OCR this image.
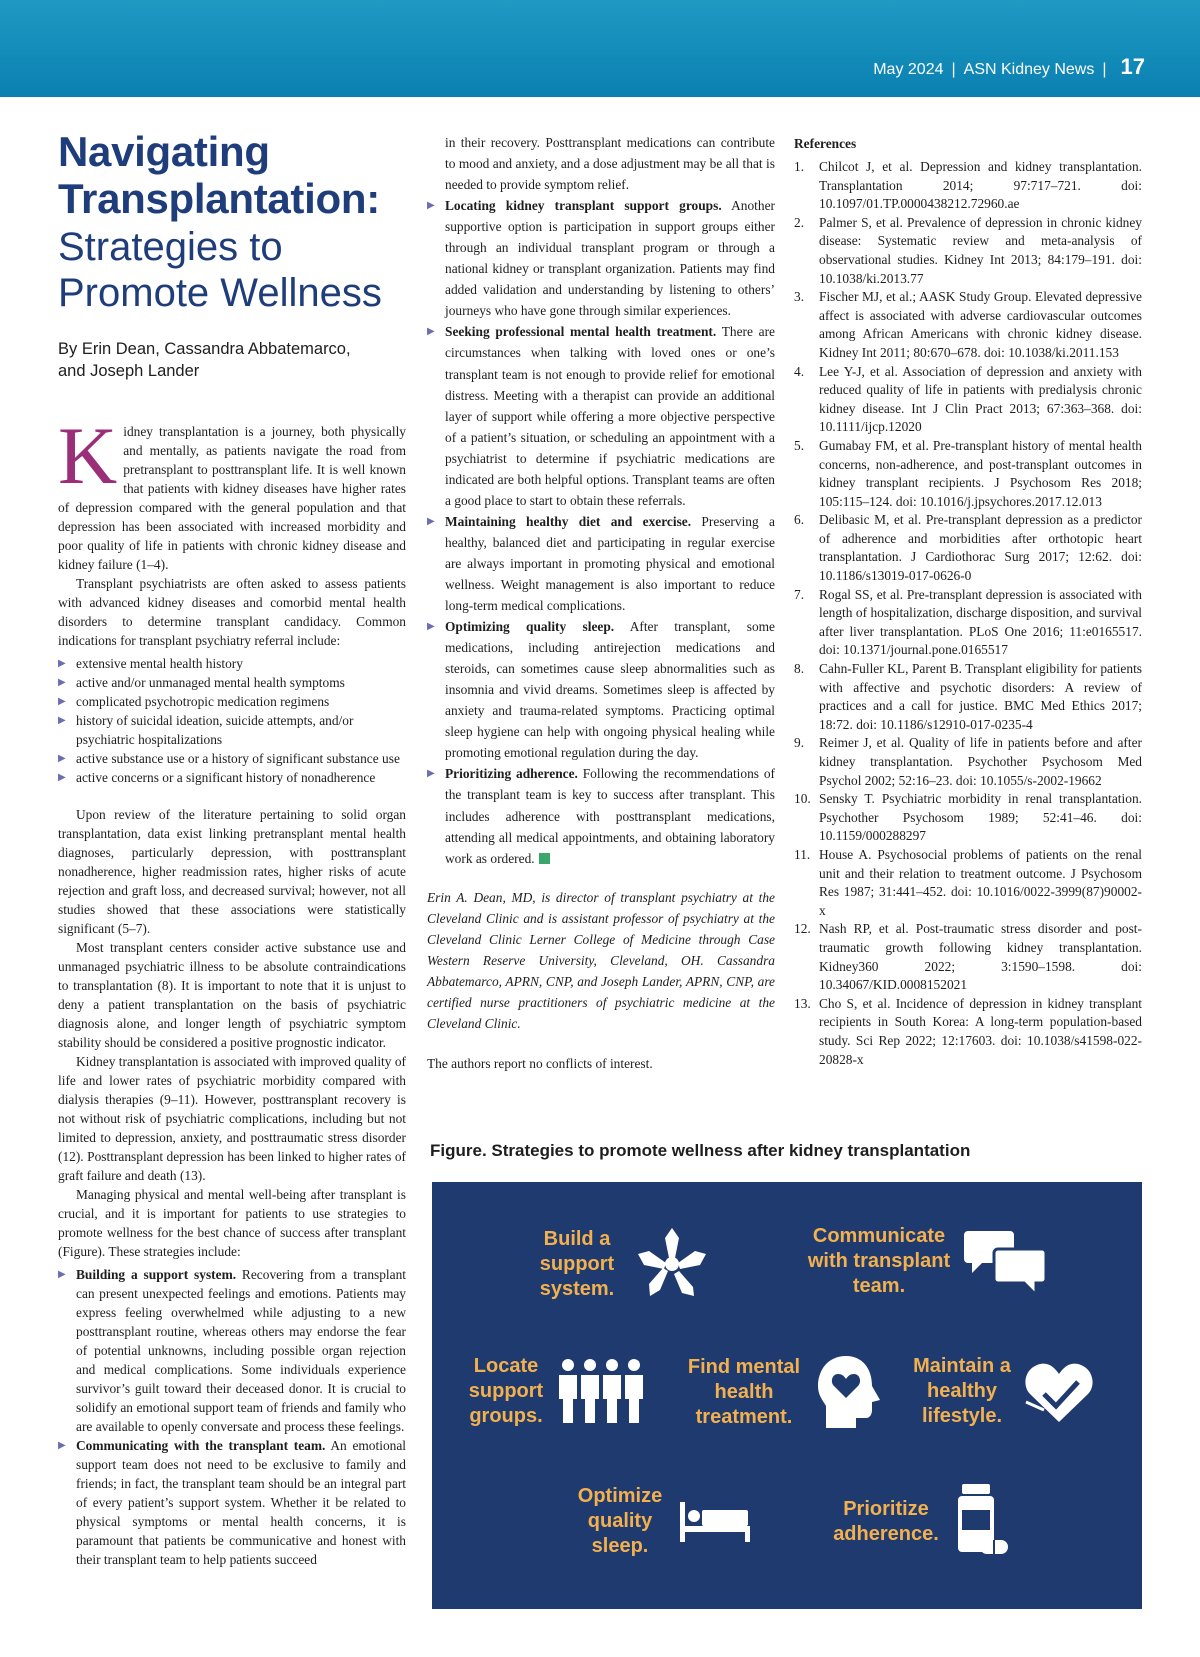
May 2024 | ASN Kidney News | 17
Navigating
Transplantation:
Strategies to
Promote Wellness
By Erin Dean, Cassandra Abbatemarco,
and Joseph Lander
Kidney transplantation is a journey, both physically and mentally, as patients navigate the road from pretransplant to posttransplant life. It is well known that patients with kidney diseases have higher rates of depression compared with the general population and that depression has been associated with increased morbidity and poor quality of life in patients with chronic kidney disease and kidney failure (1–4).
Transplant psychiatrists are often asked to assess patients with advanced kidney diseases and comorbid mental health disorders to determine transplant candidacy. Common indications for transplant psychiatry referral include:
▶ extensive mental health history
▶ active and/or unmanaged mental health symptoms
▶ complicated psychotropic medication regimens
▶ history of suicidal ideation, suicide attempts, and/or psychiatric hospitalizations
▶ active substance use or a history of significant substance use
▶ active concerns or a significant history of nonadherence
Upon review of the literature pertaining to solid organ transplantation, data exist linking pretransplant mental health diagnoses, particularly depression, with posttransplant nonadherence, higher readmission rates, higher risks of acute rejection and graft loss, and decreased survival; however, not all studies showed that these associations were statistically significant (5–7).
Most transplant centers consider active substance use and unmanaged psychiatric illness to be absolute contraindications to transplantation (8). It is important to note that it is unjust to deny a patient transplantation on the basis of psychiatric diagnosis alone, and longer length of psychiatric symptom stability should be considered a positive prognostic indicator.
Kidney transplantation is associated with improved quality of life and lower rates of psychiatric morbidity compared with dialysis therapies (9–11). However, posttransplant recovery is not without risk of psychiatric complications, including but not limited to depression, anxiety, and posttraumatic stress disorder (12). Posttransplant depression has been linked to higher rates of graft failure and death (13).
Managing physical and mental well-being after transplant is crucial, and it is important for patients to use strategies to promote wellness for the best chance of success after transplant (Figure). These strategies include:
▶ Building a support system. Recovering from a transplant can present unexpected feelings and emotions. Patients may express feeling overwhelmed while adjusting to a new posttransplant routine, whereas others may endorse the fear of potential unknowns, including possible organ rejection and medical complications. Some individuals experience survivor’s guilt toward their deceased donor. It is crucial to solidify an emotional support team of friends and family who are available to openly conversate and process these feelings.
▶ Communicating with the transplant team. An emotional support team does not need to be exclusive to family and friends; in fact, the transplant team should be an integral part of every patient’s support system. Whether it be related to physical symptoms or mental health concerns, it is paramount that patients be communicative and honest with their transplant team to help patients succeed
in their recovery. Posttransplant medications can contribute to mood and anxiety, and a dose adjustment may be all that is needed to provide symptom relief.
▶ Locating kidney transplant support groups. Another supportive option is participation in support groups either through an individual transplant program or through a national kidney or transplant organization. Patients may find added validation and understanding by listening to others’ journeys who have gone through similar experiences.
▶ Seeking professional mental health treatment. There are circumstances when talking with loved ones or one’s transplant team is not enough to provide relief for emotional distress. Meeting with a therapist can provide an additional layer of support while offering a more objective perspective of a patient’s situation, or scheduling an appointment with a psychiatrist to determine if psychiatric medications are indicated are both helpful options. Transplant teams are often a good place to start to obtain these referrals.
▶ Maintaining healthy diet and exercise. Preserving a healthy, balanced diet and participating in regular exercise are always important in promoting physical and emotional wellness. Weight management is also important to reduce long-term medical complications.
▶ Optimizing quality sleep. After transplant, some medications, including antirejection medications and steroids, can sometimes cause sleep abnormalities such as insomnia and vivid dreams. Sometimes sleep is affected by anxiety and trauma-related symptoms. Practicing optimal sleep hygiene can help with ongoing physical healing while promoting emotional regulation during the day.
▶ Prioritizing adherence. Following the recommendations of the transplant team is key to success after transplant. This includes adherence with posttransplant medications, attending all medical appointments, and obtaining laboratory work as ordered.
Erin A. Dean, MD, is director of transplant psychiatry at the Cleveland Clinic and is assistant professor of psychiatry at the Cleveland Clinic Lerner College of Medicine through Case Western Reserve University, Cleveland, OH. Cassandra Abbatemarco, APRN, CNP, and Joseph Lander, APRN, CNP, are certified nurse practitioners of psychiatric medicine at the Cleveland Clinic.
The authors report no conflicts of interest.
References
1. Chilcot J, et al. Depression and kidney transplantation. Transplantation 2014; 97:717–721. doi: 10.1097/01.TP.0000438212.72960.ae
2. Palmer S, et al. Prevalence of depression in chronic kidney disease: Systematic review and meta-analysis of observational studies. Kidney Int 2013; 84:179–191. doi: 10.1038/ki.2013.77
3. Fischer MJ, et al.; AASK Study Group. Elevated depressive affect is associated with adverse cardiovascular outcomes among African Americans with chronic kidney disease. Kidney Int 2011; 80:670–678. doi: 10.1038/ki.2011.153
4. Lee Y-J, et al. Association of depression and anxiety with reduced quality of life in patients with predialysis chronic kidney disease. Int J Clin Pract 2013; 67:363–368. doi: 10.1111/ijcp.12020
5. Gumabay FM, et al. Pre-transplant history of mental health concerns, non-adherence, and post-transplant outcomes in kidney transplant recipients. J Psychosom Res 2018; 105:115–124. doi: 10.1016/j.jpsychores.2017.12.013
6. Delibasic M, et al. Pre-transplant depression as a predictor of adherence and morbidities after orthotopic heart transplantation. J Cardiothorac Surg 2017; 12:62. doi: 10.1186/s13019-017-0626-0
7. Rogal SS, et al. Pre-transplant depression is associated with length of hospitalization, discharge disposition, and survival after liver transplantation. PLoS One 2016; 11:e0165517. doi: 10.1371/journal.pone.0165517
8. Cahn-Fuller KL, Parent B. Transplant eligibility for patients with affective and psychotic disorders: A review of practices and a call for justice. BMC Med Ethics 2017; 18:72. doi: 10.1186/s12910-017-0235-4
9. Reimer J, et al. Quality of life in patients before and after kidney transplantation. Psychother Psychosom Med Psychol 2002; 52:16–23. doi: 10.1055/s-2002-19662
10. Sensky T. Psychiatric morbidity in renal transplantation. Psychother Psychosom 1989; 52:41–46. doi: 10.1159/000288297
11. House A. Psychosocial problems of patients on the renal unit and their relation to treatment outcome. J Psychosom Res 1987; 31:441–452. doi: 10.1016/0022-3999(87)90002-x
12. Nash RP, et al. Post-traumatic stress disorder and post-traumatic growth following kidney transplantation. Kidney360 2022; 3:1590–1598. doi: 10.34067/KID.0008152021
13. Cho S, et al. Incidence of depression in kidney transplant recipients in South Korea: A long-term population-based study. Sci Rep 2022; 12:17603. doi: 10.1038/s41598-022-20828-x
Figure. Strategies to promote wellness after kidney transplantation
Build a support system.
Communicate with transplant team.
Locate support groups.
Find mental health treatment.
Maintain a healthy lifestyle.
Optimize quality sleep.
Prioritize adherence.
